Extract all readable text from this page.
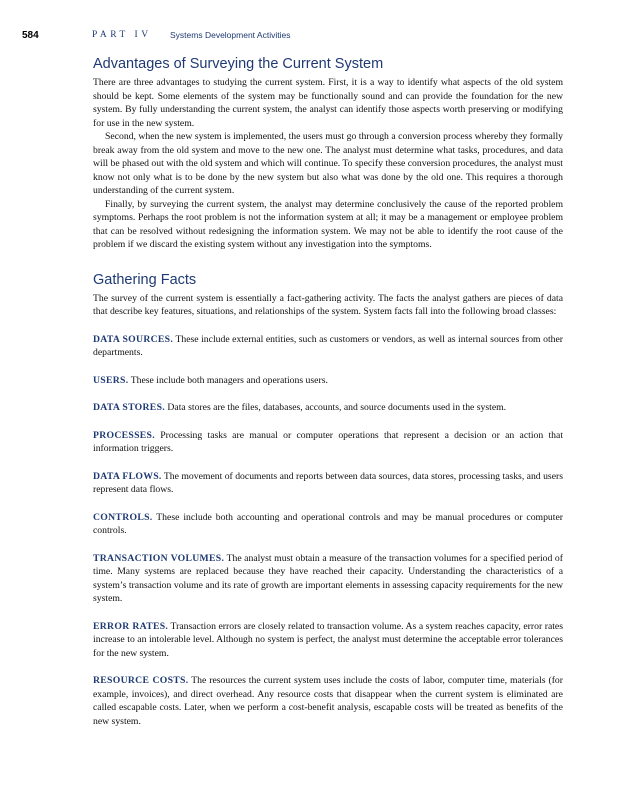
584	PART IV Systems Development Activities
Advantages of Surveying the Current System

There are three advantages to studying the current system. First, it is a way to identify what aspects of the old system should be kept. Some elements of the system may be functionally sound and can provide the foundation for the new system. By fully understanding the current system, the analyst can identify those aspects worth preserving or modifying for use in the new system.

Second, when the new system is implemented, the users must go through a conversion process whereby they formally break away from the old system and move to the new one. The analyst must determine what tasks, procedures, and data will be phased out with the old system and which will continue. To specify these conversion procedures, the analyst must know not only what is to be done by the new system but also what was done by the old one. This requires a thorough understanding of the current system.

Finally, by surveying the current system, the analyst may determine conclusively the cause of the reported problem symptoms. Perhaps the root problem is not the information system at all; it may be a management or employee problem that can be resolved without redesigning the information system. We may not be able to identify the root cause of the problem if we discard the existing system without any investigation into the symptoms.

Gathering Facts

The survey of the current system is essentially a fact-gathering activity. The facts the analyst gathers are pieces of data that describe key features, situations, and relationships of the system. System facts fall into the following broad classes:

DATA SOURCES. These include external entities, such as customers or vendors, as well as internal sources from other departments.

USERS. These include both managers and operations users.

DATA STORES. Data stores are the files, databases, accounts, and source documents used in the system.

PROCESSES. Processing tasks are manual or computer operations that represent a decision or an action that information triggers.

DATA FLOWS. The movement of documents and reports between data sources, data stores, processing tasks, and users represent data flows.

CONTROLS. These include both accounting and operational controls and may be manual procedures or computer controls.

TRANSACTION VOLUMES. The analyst must obtain a measure of the transaction volumes for a specified period of time. Many systems are replaced because they have reached their capacity. Understanding the characteristics of a system’s transaction volume and its rate of growth are important elements in assessing capacity requirements for the new system.

ERROR RATES. Transaction errors are closely related to transaction volume. As a system reaches capacity, error rates increase to an intolerable level. Although no system is perfect, the analyst must determine the acceptable error tolerances for the new system.

RESOURCE COSTS. The resources the current system uses include the costs of labor, computer time, materials (for example, invoices), and direct overhead. Any resource costs that disappear when the current system is eliminated are called escapable costs. Later, when we perform a cost-benefit analysis, escapable costs will be treated as benefits of the new system.
